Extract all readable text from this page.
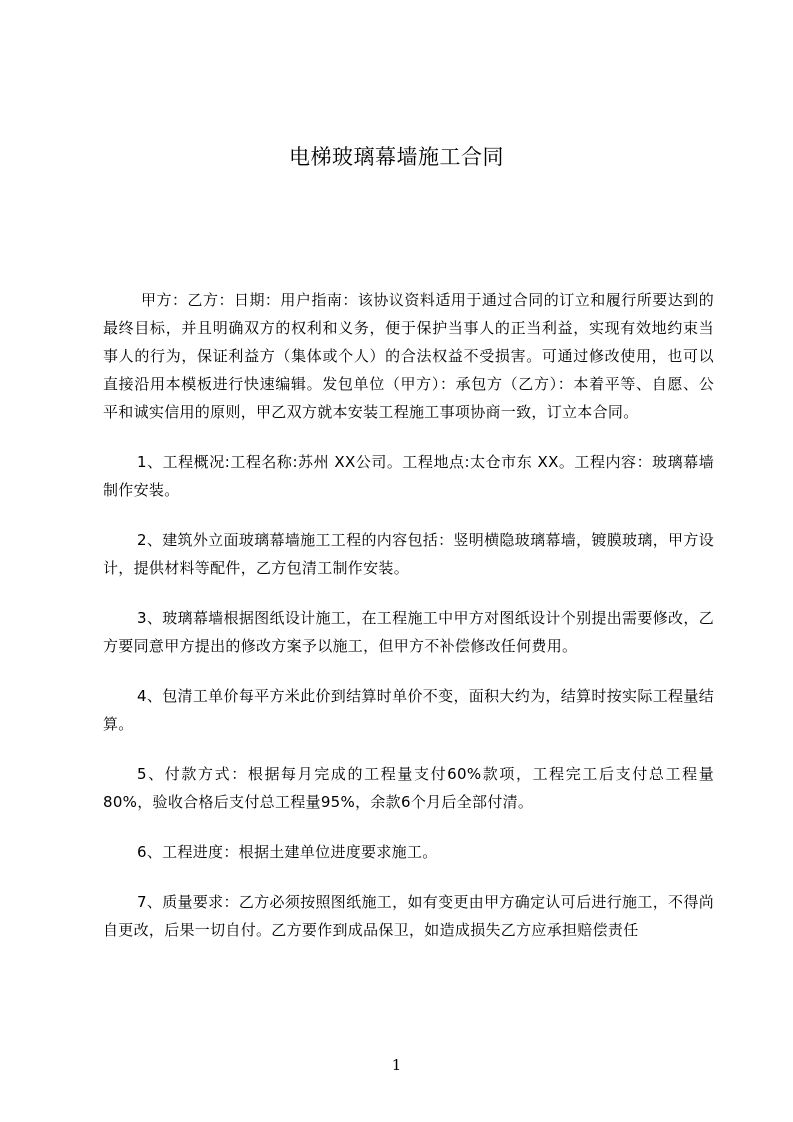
电梯玻璃幕墙施工合同

甲方：乙方：日期：用户指南：该协议资料适用于通过合同的订立和履行所要达到的最终目标，并且明确双方的权利和义务，便于保护当事人的正当利益，实现有效地约束当事人的行为，保证利益方（集体或个人）的合法权益不受损害。可通过修改使用，也可以直接沿用本模板进行快速编辑。发包单位（甲方）：承包方（乙方）：本着平等、自愿、公平和诚实信用的原则，甲乙双方就本安装工程施工事项协商一致，订立本合同。

1、工程概况:工程名称:苏州 XX公司。工程地点:太仓市东 XX。工程内容：玻璃幕墙制作安装。

2、建筑外立面玻璃幕墙施工工程的内容包括：竖明横隐玻璃幕墙，镀膜玻璃，甲方设计，提供材料等配件，乙方包清工制作安装。

3、玻璃幕墙根据图纸设计施工，在工程施工中甲方对图纸设计个别提出需要修改，乙方要同意甲方提出的修改方案予以施工，但甲方不补偿修改任何费用。

4、包清工单价每平方米此价到结算时单价不变，面积大约为，结算时按实际工程量结算。

5、付款方式：根据每月完成的工程量支付60%款项，工程完工后支付总工程量80%，验收合格后支付总工程量95%，余款6个月后全部付清。

6、工程进度：根据土建单位进度要求施工。

7、质量要求：乙方必须按照图纸施工，如有变更由甲方确定认可后进行施工，不得尚自更改，后果一切自付。乙方要作到成品保卫，如造成损失乙方应承担赔偿责任

1
